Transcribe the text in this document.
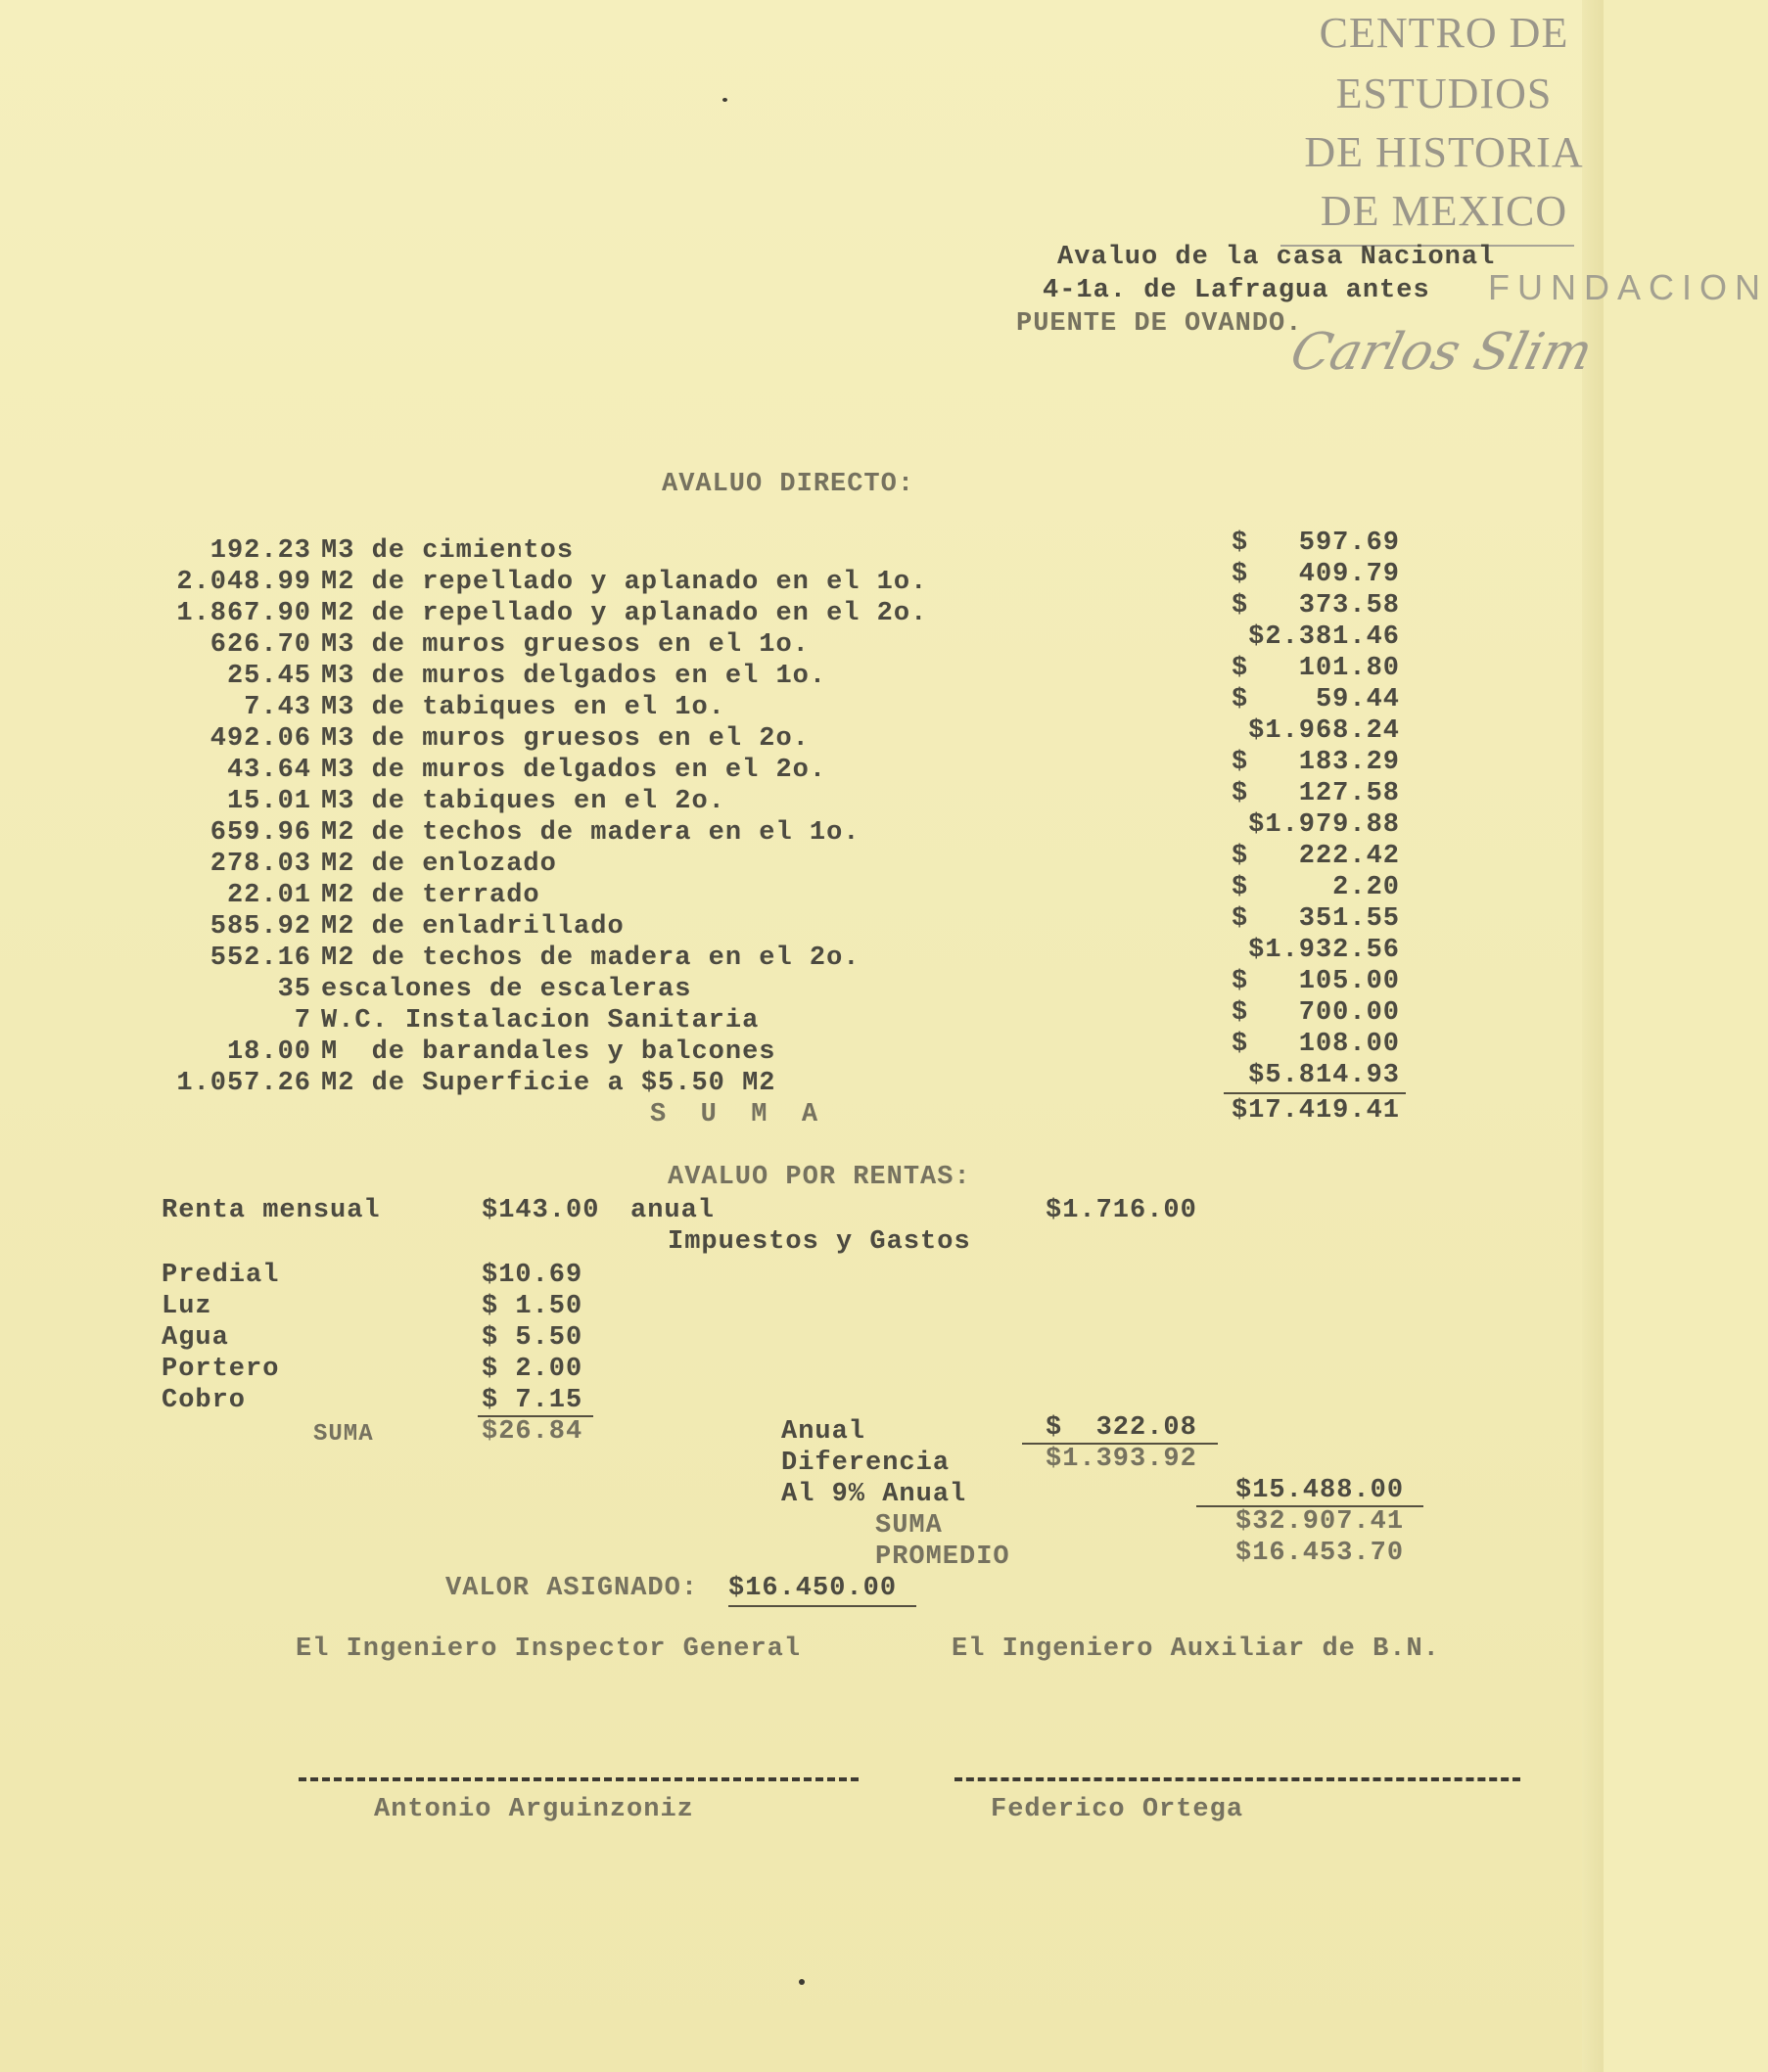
CENTRO DE
ESTUDIOS
DE HISTORIA
DE MEXICO
FUNDACION
Carlos Slim
Avaluo de la casa Nacional
4-1a. de Lafragua antes
PUENTE DE OVANDO.
AVALUO DIRECTO:
192.23 M3 de cimientos	$   597.69
2.048.99 M2 de repellado y aplanado en el 1o.	$   409.79
1.867.90 M2 de repellado y aplanado en el 2o.	$   373.58
626.70 M3 de muros gruesos en el 1o.	$2.381.46
25.45 M3 de muros delgados en el 1o.	$   101.80
7.43 M3 de tabiques en el 1o.	$    59.44
492.06 M3 de muros gruesos en el 2o.	$1.968.24
43.64 M3 de muros delgados en el 2o.	$   183.29
15.01 M3 de tabiques en el 2o.	$   127.58
659.96 M2 de techos de madera en el 1o.	$1.979.88
278.03 M2 de enlozado	$   222.42
22.01 M2 de terrado	$     2.20
585.92 M2 de enladrillado	$   351.55
552.16 M2 de techos de madera en el 2o.	$1.932.56
35 escalones de escaleras	$   105.00
7 W.C. Instalacion Sanitaria	$   700.00
18.00 M  de barandales y balcones	$   108.00
1.057.26 M2 de Superficie a $5.50 M2	$5.814.93
S  U  M  A	$17.419.41
AVALUO POR RENTAS:
Renta mensual	$143.00 anual	$1.716.00
Impuestos y Gastos
Predial	$10.69
Luz	$ 1.50
Agua	$ 5.50
Portero	$ 2.00
Cobro	$ 7.15
SUMA	$26.84	Anual	$  322.08
Diferencia	$1.393.92
Al 9% Anual	$15.488.00
SUMA	$32.907.41
PROMEDIO	$16.453.70
VALOR ASIGNADO: $16.450.00
El Ingeniero Inspector General	El Ingeniero Auxiliar de B.N.
Antonio Arguinzoniz	Federico Ortega
